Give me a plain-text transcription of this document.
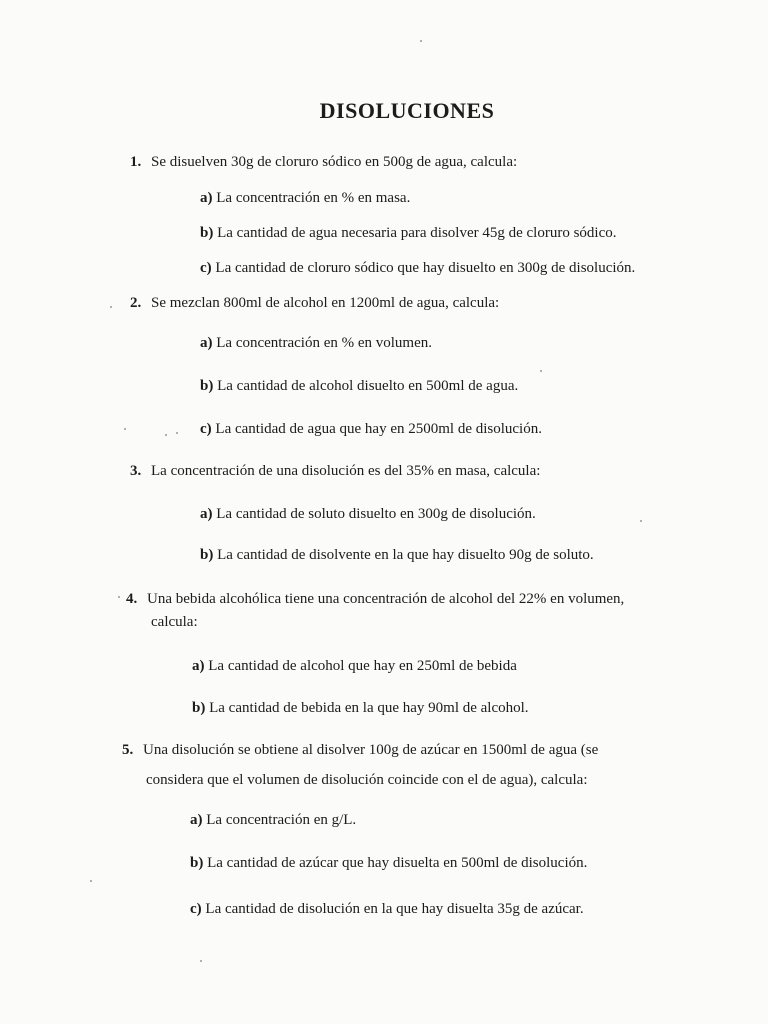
DISOLUCIONES
1. Se disuelven 30g de cloruro sódico en 500g de agua, calcula:
a) La concentración en % en masa.
b) La cantidad de agua necesaria para disolver 45g de cloruro sódico.
c) La cantidad de cloruro sódico que hay disuelto en 300g de disolución.
2. Se mezclan 800ml de alcohol en 1200ml de agua, calcula:
a) La concentración en % en volumen.
b) La cantidad de alcohol disuelto en 500ml de agua.
c) La cantidad de agua que hay en 2500ml de disolución.
3. La concentración de una disolución es del 35% en masa, calcula:
a) La cantidad de soluto disuelto en 300g de disolución.
b) La cantidad de disolvente en la que hay disuelto 90g de soluto.
4. Una bebida alcohólica tiene una concentración de alcohol del 22% en volumen,
calcula:
a) La cantidad de alcohol que hay en 250ml de bebida
b) La cantidad de bebida en la que hay 90ml de alcohol.
5. Una disolución se obtiene al disolver 100g de azúcar en 1500ml de agua (se
considera que el volumen de disolución coincide con el de agua), calcula:
a) La concentración en g/L.
b) La cantidad de azúcar que hay disuelta en 500ml de disolución.
c) La cantidad de disolución en la que hay disuelta 35g de azúcar.
